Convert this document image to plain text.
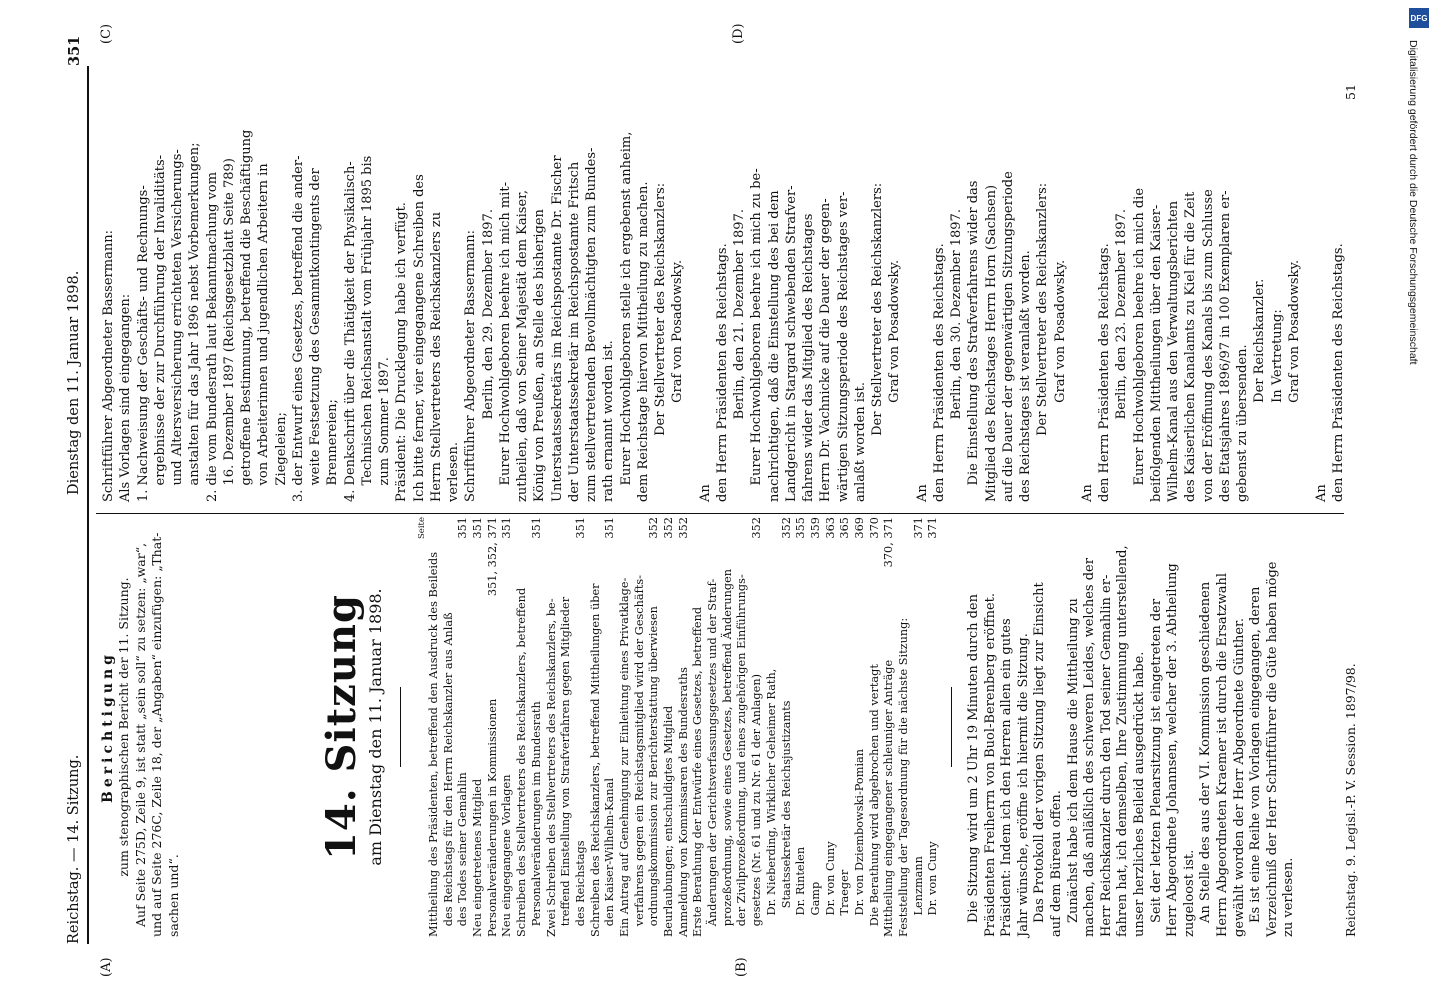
Reichstag. — 14. Sitzung.
Dienstag den 11. Januar 1898.
351
(A)	(B)
(C)	(D)
Berichtigung zum stenographischen Bericht der 11. Sitzung. Auf Seite 275D, Zeile 9, ist statt „sein soll“ zu setzen: „war“, und auf Seite 276C, Zeile 18, der „Angaben“ einzufügen: „That- sachen und“.
14. Sitzung am Dienstag den 11. Januar 1898.
Seite
Mittheilung des Präsidenten, betreffend den Ausdruck des Beileids des Reichstags für den Herrn Reichskanzler aus Anlaß des Todes seiner Gemahlin
351
Neu eingetretenes Mitglied
351
Personalveränderungen in Kommissionen
351, 352, 371
Neu eingegangene Vorlagen
351
Schreiben des Stellvertreters des Reichskanzlers, betreffend Personalveränderungen im Bundesrath
351
Zwei Schreiben des Stellvertreters des Reichskanzlers, be- treffend Einstellung von Strafverfahren gegen Mitglieder des Reichstags
351
Schreiben des Reichskanzlers, betreffend Mittheilungen über den Kaiser-Wilhelm-Kanal
351
Ein Antrag auf Genehmigung zur Einleitung eines Privatklage- verfahrens gegen ein Reichstagsmitglied wird der Geschäfts- ordnungskommission zur Berichterstattung überwiesen
352
Beurlaubungen; entschuldigtes Mitglied
352
Anmeldung von Kommissaren des Bundesraths
352
Erste Berathung der Entwürfe eines Gesetzes, betreffend Änderungen der Gerichtsverfassungsgesetzes und der Straf- prozeßordnung, sowie eines Gesetzes, betreffend Änderungen der Zivilprozeßordnung, und eines zugehörigen Einführungs- gesetzes (Nr. 61 und zu Nr. 61 der Anlagen)
352
Dr. Nieberding, Wirklicher Geheimer Rath, Staatssekretär des Reichsjustizamts
352
Dr. Rintelen
355
Gamp
359
Dr. von Cuny
363
Traeger
365
Dr. von Dziembowski-Pomian
369
Die Berathung wird abgebrochen und vertagt
370
Mittheilung eingegangener schleuniger Anträge
370, 371
Feststellung der Tagesordnung für die nächste Sitzung: Lenzmann
371
Dr. von Cuny
371
Die Sitzung wird um 2 Uhr 19 Minuten durch den Präsidenten Freiherrn von Buol-Berenberg eröffnet. Präsident: Indem ich den Herren allen ein gutes Jahr wünsche, eröffne ich hiermit die Sitzung. Das Protokoll der vorigen Sitzung liegt zur Einsicht auf dem Büreau offen. Zunächst habe ich dem Hause die Mittheilung zu machen, daß anläßlich des schweren Leides, welches der Herr Reichskanzler durch den Tod seiner Gemahlin er- fahren hat, ich demselben, Ihre Zustimmung unterstellend, unser herzliches Beileid ausgedrückt habe. Seit der letzten Plenarsitzung ist eingetreten der Herr Abgeordnete Johannsen, welcher der 3. Abtheilung zugeloost ist. An Stelle des aus der VI. Kommission geschiedenen Herrn Abgeordneten Kraemer ist durch die Ersatzwahl gewählt worden der Herr Abgeordnete Günther. Es ist eine Reihe von Vorlagen eingegangen, deren Verzeichniß der Herr Schriftführer die Güte haben möge zu verlesen.	Reichstag. 9. Legisl.-P. V. Session. 1897/98.
51
Schriftführer Abgeordneter Bassermann: Als Vorlagen sind eingegangen: 1. Nachweisung der Geschäfts- und Rechnungs- ergebnisse der zur Durchführung der Invaliditäts- und Altersversicherung errichteten Versicherungs- anstalten für das Jahr 1896 nebst Vorbemerkungen; 2. die vom Bundesrath laut Bekanntmachung vom 16. Dezember 1897 (Reichsgesetzblatt Seite 789) getroffene Bestimmung, betreffend die Beschäftigung von Arbeiterinnen und jugendlichen Arbeitern in Ziegeleien; 3. der Entwurf eines Gesetzes, betreffend die ander- weite Festsetzung des Gesammtkontingents der Brennereien; 4. Denkschrift über die Thätigkeit der Physikalisch- Technischen Reichsanstalt vom Frühjahr 1895 bis zum Sommer 1897. Präsident: Die Drucklegung habe ich verfügt. Ich bitte ferner, vier eingegangene Schreiben des Herrn Stellvertreters des Reichskanzlers zu verlesen. Schriftführer Abgeordneter Bassermann: Berlin, den 29. Dezember 1897. Eurer Hochwohlgeboren beehre ich mich mit- zutheilen, daß von Seiner Majestät dem Kaiser, König von Preußen, an Stelle des bisherigen Unterstaatssekretärs im Reichspostamte Dr. Fischer der Unterstaatssekretär im Reichspostamte Fritsch zum stellvertretenden Bevollmächtigten zum Bundes- rath ernannt worden ist. Eurer Hochwohlgeboren stelle ich ergebenst anheim, dem Reichstage hiervon Mittheilung zu machen. Der Stellvertreter des Reichskanzlers: Graf von Posadowsky. An den Herrn Präsidenten des Reichstags. Berlin, den 21. Dezember 1897. Eurer Hochwohlgeboren beehre ich mich zu be- nachrichtigen, daß die Einstellung des bei dem Landgericht in Stargard schwebenden Strafver- fahrens wider das Mitglied des Reichstages Herrn Dr. Vachnicke auf die Dauer der gegen- wärtigen Sitzungsperiode des Reichstages ver- anlaßt worden ist. Der Stellvertreter des Reichskanzlers: Graf von Posadowsky. An den Herrn Präsidenten des Reichstags. Berlin, den 30. Dezember 1897. Die Einstellung des Strafverfahrens wider das Mitglied des Reichstages Herrn Horn (Sachsen) auf die Dauer der gegenwärtigen Sitzungsperiode des Reichstages ist veranlaßt worden. Der Stellvertreter des Reichskanzlers: Graf von Posadowsky. An den Herrn Präsidenten des Reichstags. Berlin, den 23. Dezember 1897. Eurer Hochwohlgeboren beehre ich mich die beifolgenden Mittheilungen über den Kaiser- Wilhelm-Kanal aus den Verwaltungsberichten des Kaiserlichen Kanalamts zu Kiel für die Zeit von der Eröffnung des Kanals bis zum Schlusse des Etatsjahres 1896/97 in 100 Exemplaren er- gebenst zu übersenden. Der Reichskanzler. In Vertretung: Graf von Posadowsky. An den Herrn Präsidenten des Reichstags.
DFG
Digitalisierung gefördert durch die Deutsche Forschungsgemeinschaft
